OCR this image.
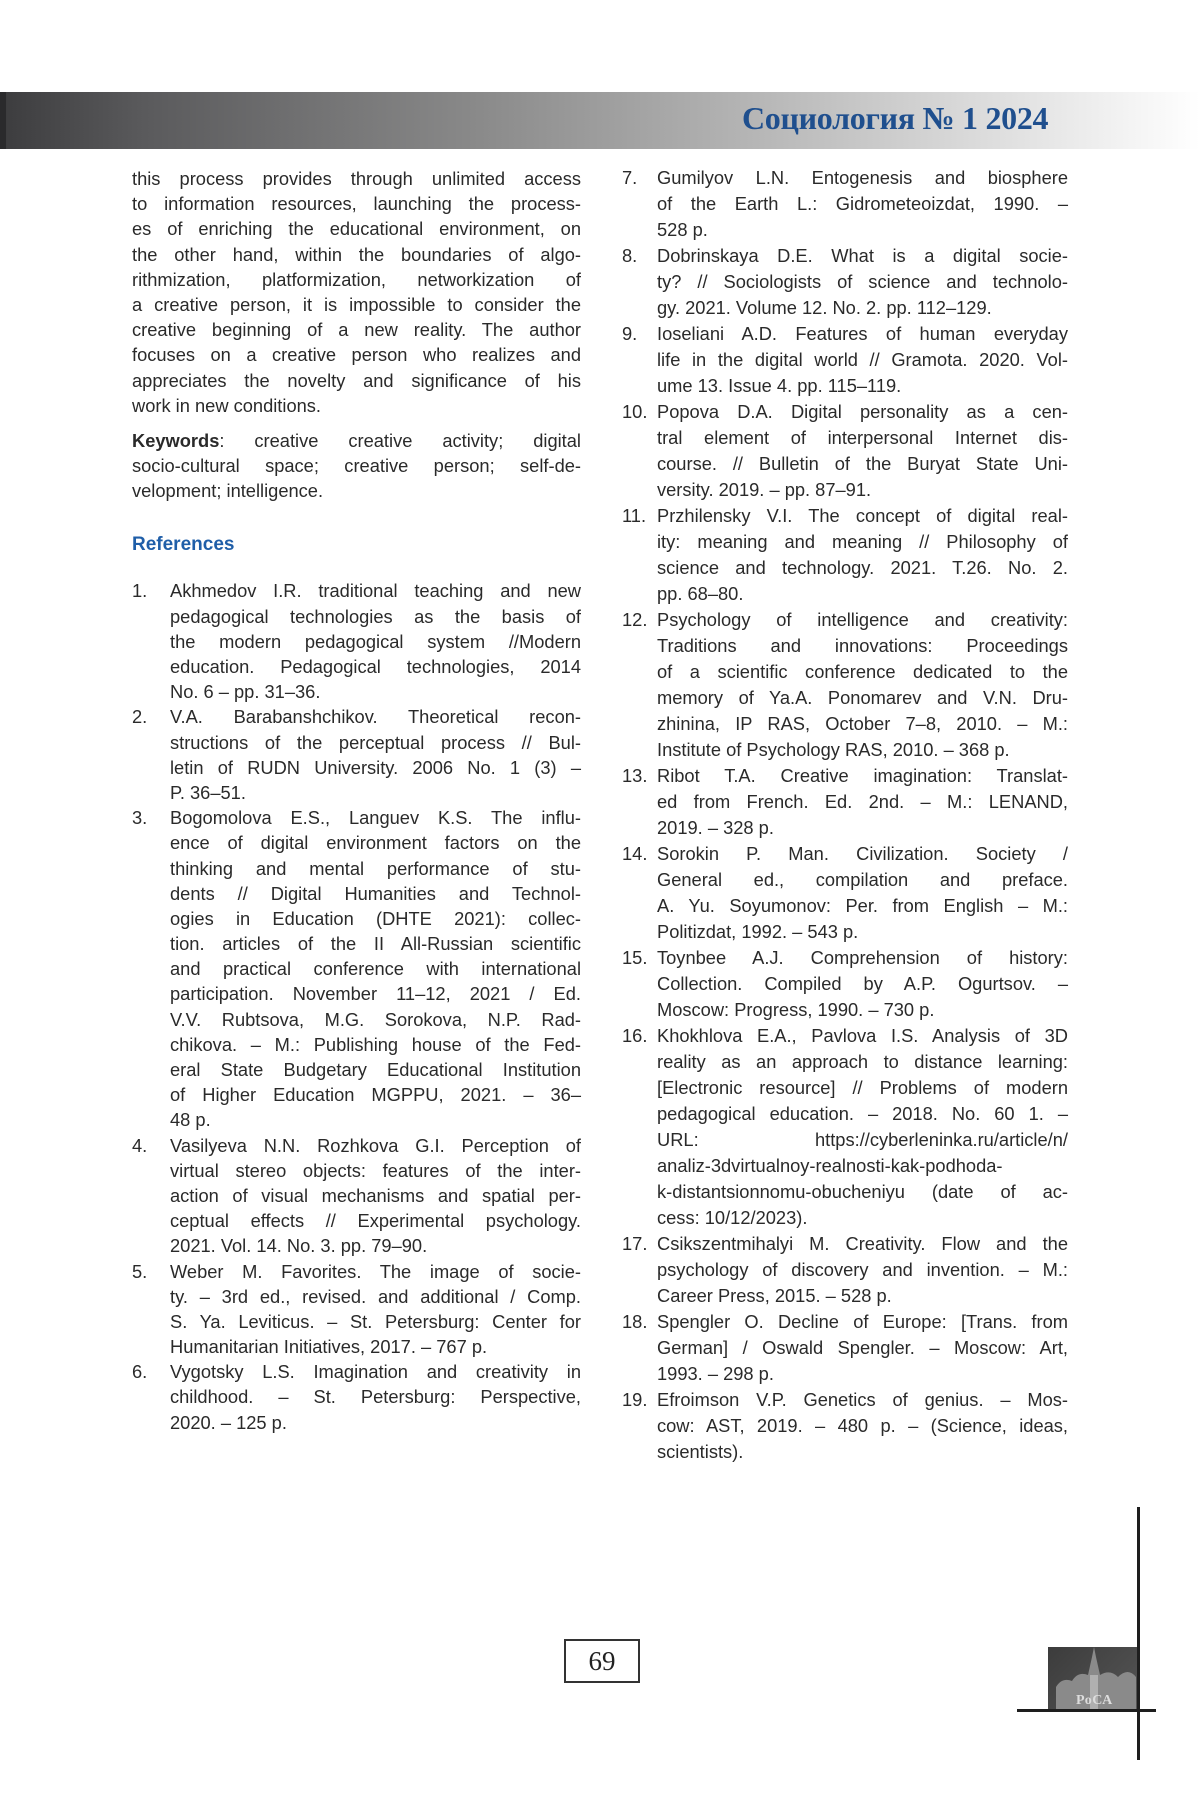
Социология № 1 2024
this process provides through unlimited access
to information resources, launching the process-
es of enriching the educational environment, on
the other hand, within the boundaries of algo-
rithmization, platformization, networkization of
a creative person, it is impossible to consider the
creative beginning of a new reality. The author
focuses on a creative person who realizes and
appreciates the novelty and significance of his
work in new conditions.
Keywords: creative creative activity; digital
socio-cultural space; creative person; self-de-
velopment; intelligence.
References
1. Akhmedov I.R. traditional teaching and new
pedagogical technologies as the basis of
the modern pedagogical system //Modern
education. Pedagogical technologies, 2014
No. 6 – pp. 31–36.
2. V.A. Barabanshchikov. Theoretical recon-
structions of the perceptual process // Bul-
letin of RUDN University. 2006 No. 1 (3) –
P. 36–51.
3. Bogomolova E.S., Languev K.S. The influ-
ence of digital environment factors on the
thinking and mental performance of stu-
dents // Digital Humanities and Technol-
ogies in Education (DHTE 2021): collec-
tion. articles of the II All-Russian scientific
and practical conference with international
participation. November 11–12, 2021 / Ed.
V.V. Rubtsova, M.G. Sorokova, N.P. Rad-
chikova. – M.: Publishing house of the Fed-
eral State Budgetary Educational Institution
of Higher Education MGPPU, 2021. – 36–
48 p.
4. Vasilyeva N.N. Rozhkova G.I. Perception of
virtual stereo objects: features of the inter-
action of visual mechanisms and spatial per-
ceptual effects // Experimental psychology.
2021. Vol. 14. No. 3. pp. 79–90.
5. Weber M. Favorites. The image of socie-
ty. – 3rd ed., revised. and additional / Comp.
S. Ya. Leviticus. – St. Petersburg: Center for
Humanitarian Initiatives, 2017. – 767 p.
6. Vygotsky L.S. Imagination and creativity in
childhood. – St. Petersburg: Perspective,
2020. – 125 p.
7. Gumilyov L.N. Entogenesis and biosphere
of the Earth L.: Gidrometeoizdat, 1990. –
528 p.
8. Dobrinskaya D.E. What is a digital socie-
ty? // Sociologists of science and technolo-
gy. 2021. Volume 12. No. 2. pp. 112–129.
9. Ioseliani A.D. Features of human everyday
life in the digital world // Gramota. 2020. Vol-
ume 13. Issue 4. pp. 115–119.
10. Popova D.A. Digital personality as a cen-
tral element of interpersonal Internet dis-
course. // Bulletin of the Buryat State Uni-
versity. 2019. – pp. 87–91.
11. Przhilensky V.I. The concept of digital real-
ity: meaning and meaning // Philosophy of
science and technology. 2021. T.26. No. 2.
pp. 68–80.
12. Psychology of intelligence and creativity:
Traditions and innovations: Proceedings
of a scientific conference dedicated to the
memory of Ya.A. Ponomarev and V.N. Dru-
zhinina, IP RAS, October 7–8, 2010. – M.:
Institute of Psychology RAS, 2010. – 368 p.
13. Ribot T.A. Creative imagination: Translat-
ed from French. Ed. 2nd. – M.: LENAND,
2019. – 328 p.
14. Sorokin P. Man. Civilization. Society /
General ed., compilation and preface.
A. Yu. Soyumonov: Per. from English – M.:
Politizdat, 1992. – 543 p.
15. Toynbee A.J. Comprehension of history:
Collection. Compiled by A.P. Ogurtsov. –
Moscow: Progress, 1990. – 730 p.
16. Khokhlova E.A., Pavlova I.S. Analysis of 3D
reality as an approach to distance learning:
[Electronic resource] // Problems of modern
pedagogical education. – 2018. No. 60 1. –
URL: https://cyberleninka.ru/article/n/
analiz-3dvirtualnoy-realnosti-kak-podhoda-
k-distantsionnomu-obucheniyu (date of ac-
cess: 10/12/2023).
17. Csikszentmihalyi M. Creativity. Flow and the
psychology of discovery and invention. – M.:
Career Press, 2015. – 528 p.
18. Spengler O. Decline of Europe: [Trans. from
German] / Oswald Spengler. – Moscow: Art,
1993. – 298 p.
19. Efroimson V.P. Genetics of genius. – Mos-
cow: AST, 2019. – 480 p. – (Science, ideas,
scientists).
69
РоСА
